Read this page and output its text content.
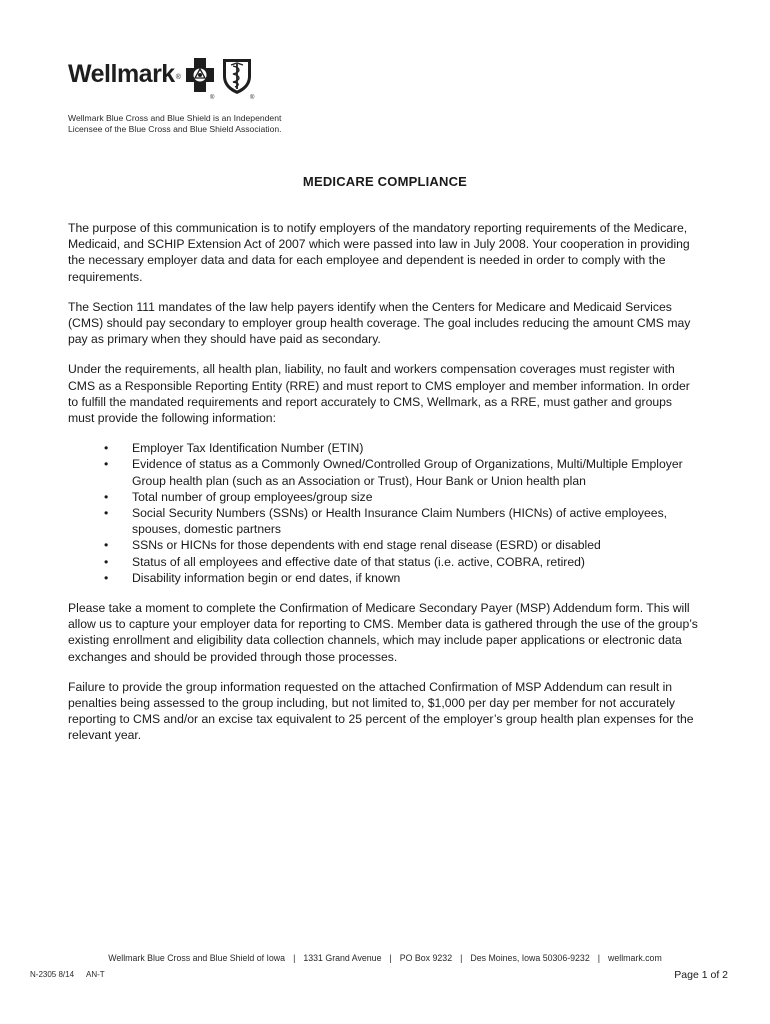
Wellmark ®
®	®
Wellmark Blue Cross and Blue Shield is an Independent
Licensee of the Blue Cross and Blue Shield Association.
MEDICARE COMPLIANCE

The purpose of this communication is to notify employers of the mandatory reporting requirements of the Medicare, Medicaid, and SCHIP Extension Act of 2007 which were passed into law in July 2008. Your cooperation in providing the necessary employer data and data for each employee and dependent is needed in order to comply with the requirements.

The Section 111 mandates of the law help payers identify when the Centers for Medicare and Medicaid Services (CMS) should pay secondary to employer group health coverage. The goal includes reducing the amount CMS may pay as primary when they should have paid as secondary.

Under the requirements, all health plan, liability, no fault and workers compensation coverages must register with CMS as a Responsible Reporting Entity (RRE) and must report to CMS employer and member information. In order to fulfill the mandated requirements and report accurately to CMS, Wellmark, as a RRE, must gather and groups must provide the following information:

• Employer Tax Identification Number (ETIN)
• Evidence of status as a Commonly Owned/Controlled Group of Organizations, Multi/Multiple Employer Group health plan (such as an Association or Trust), Hour Bank or Union health plan
• Total number of group employees/group size
• Social Security Numbers (SSNs) or Health Insurance Claim Numbers (HICNs) of active employees, spouses, domestic partners
• SSNs or HICNs for those dependents with end stage renal disease (ESRD) or disabled
• Status of all employees and effective date of that status (i.e. active, COBRA, retired)
• Disability information begin or end dates, if known

Please take a moment to complete the Confirmation of Medicare Secondary Payer (MSP) Addendum form. This will allow us to capture your employer data for reporting to CMS. Member data is gathered through the use of the group’s existing enrollment and eligibility data collection channels, which may include paper applications or electronic data exchanges and should be provided through those processes.

Failure to provide the group information requested on the attached Confirmation of MSP Addendum can result in penalties being assessed to the group including, but not limited to, $1,000 per day per member for not accurately reporting to CMS and/or an excise tax equivalent to 25 percent of the employer’s group health plan expenses for the relevant year.

Wellmark Blue Cross and Blue Shield of Iowa | 1331 Grand Avenue | PO Box 9232 | Des Moines, Iowa 50306-9232 | wellmark.com
N-2305 8/14 AN-T	Page 1 of 2
